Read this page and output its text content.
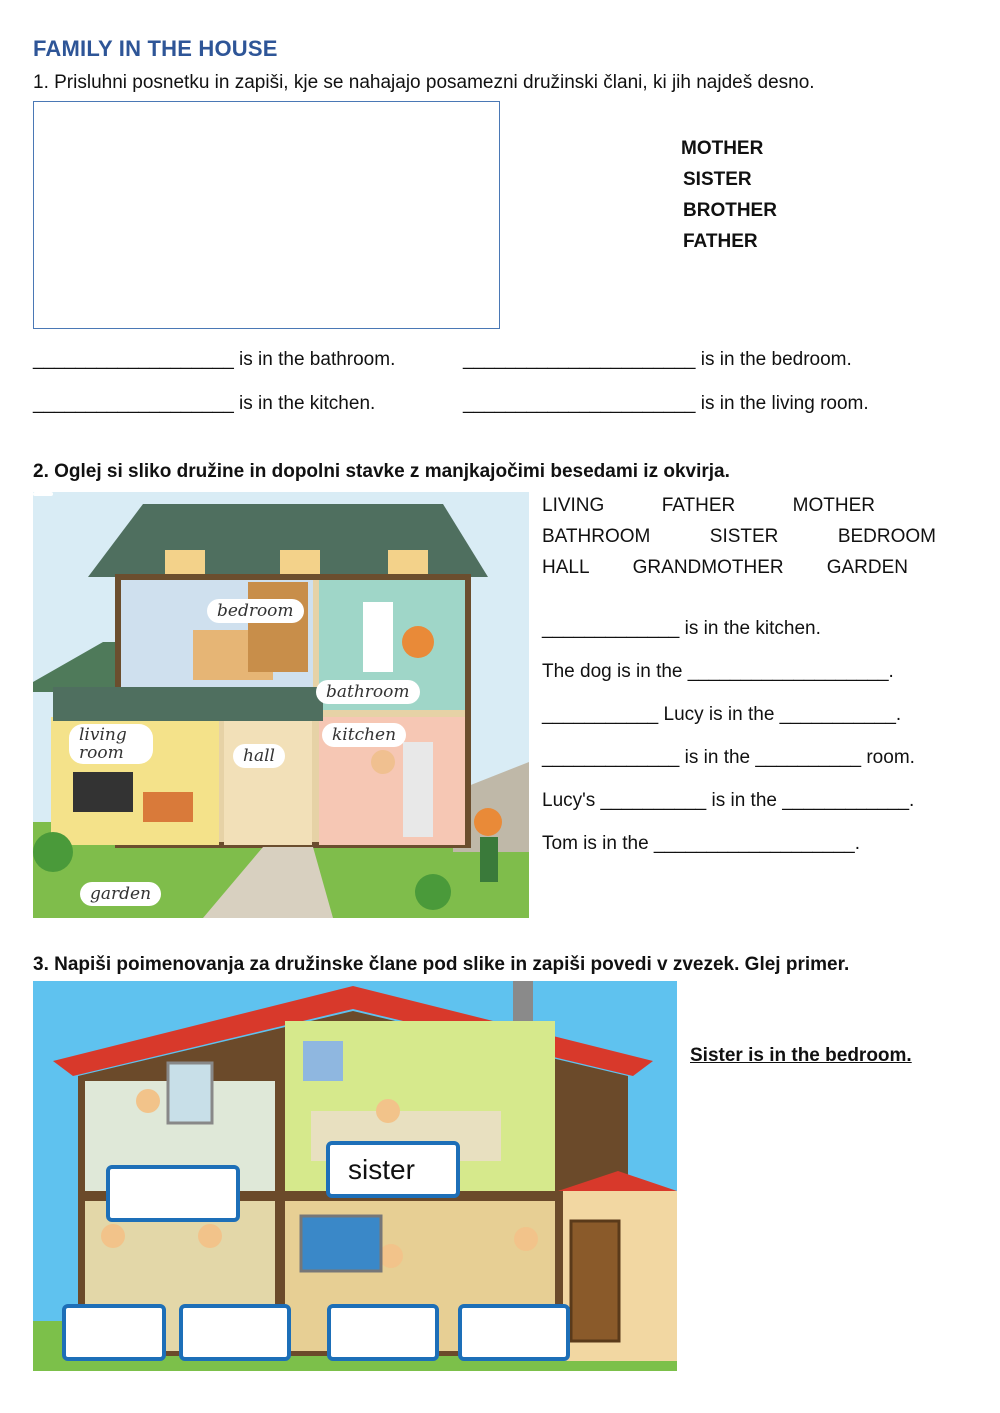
FAMILY IN THE HOUSE
1. Prisluhni posnetku in zapiši, kje se nahajajo posamezni družinski člani, ki jih najdeš desno.
MOTHER
SISTER
BROTHER
FATHER
___________________ is in the bathroom.	______________________ is in the bedroom.
___________________ is in the kitchen.	______________________ is in the living room.
2. Oglej si sliko družine in dopolni stavke z manjkajočimi besedami iz okvirja.
bedroom
bathroom
living room	hall
kitchen
garden
LIVING	FATHER	MOTHER
BATHROOM	SISTER	BEDROOM
HALL GRANDMOTHER GARDEN
_____________ is in the kitchen.
The dog is in the ___________________.
___________ Lucy is in the ___________.
_____________ is in the __________ room.
Lucy's __________ is in the ____________.
Tom is in the ___________________.
3. Napiši poimenovanja za družinske člane pod slike in zapiši povedi v zvezek. Glej primer.
sister
Sister is in the bedroom.
